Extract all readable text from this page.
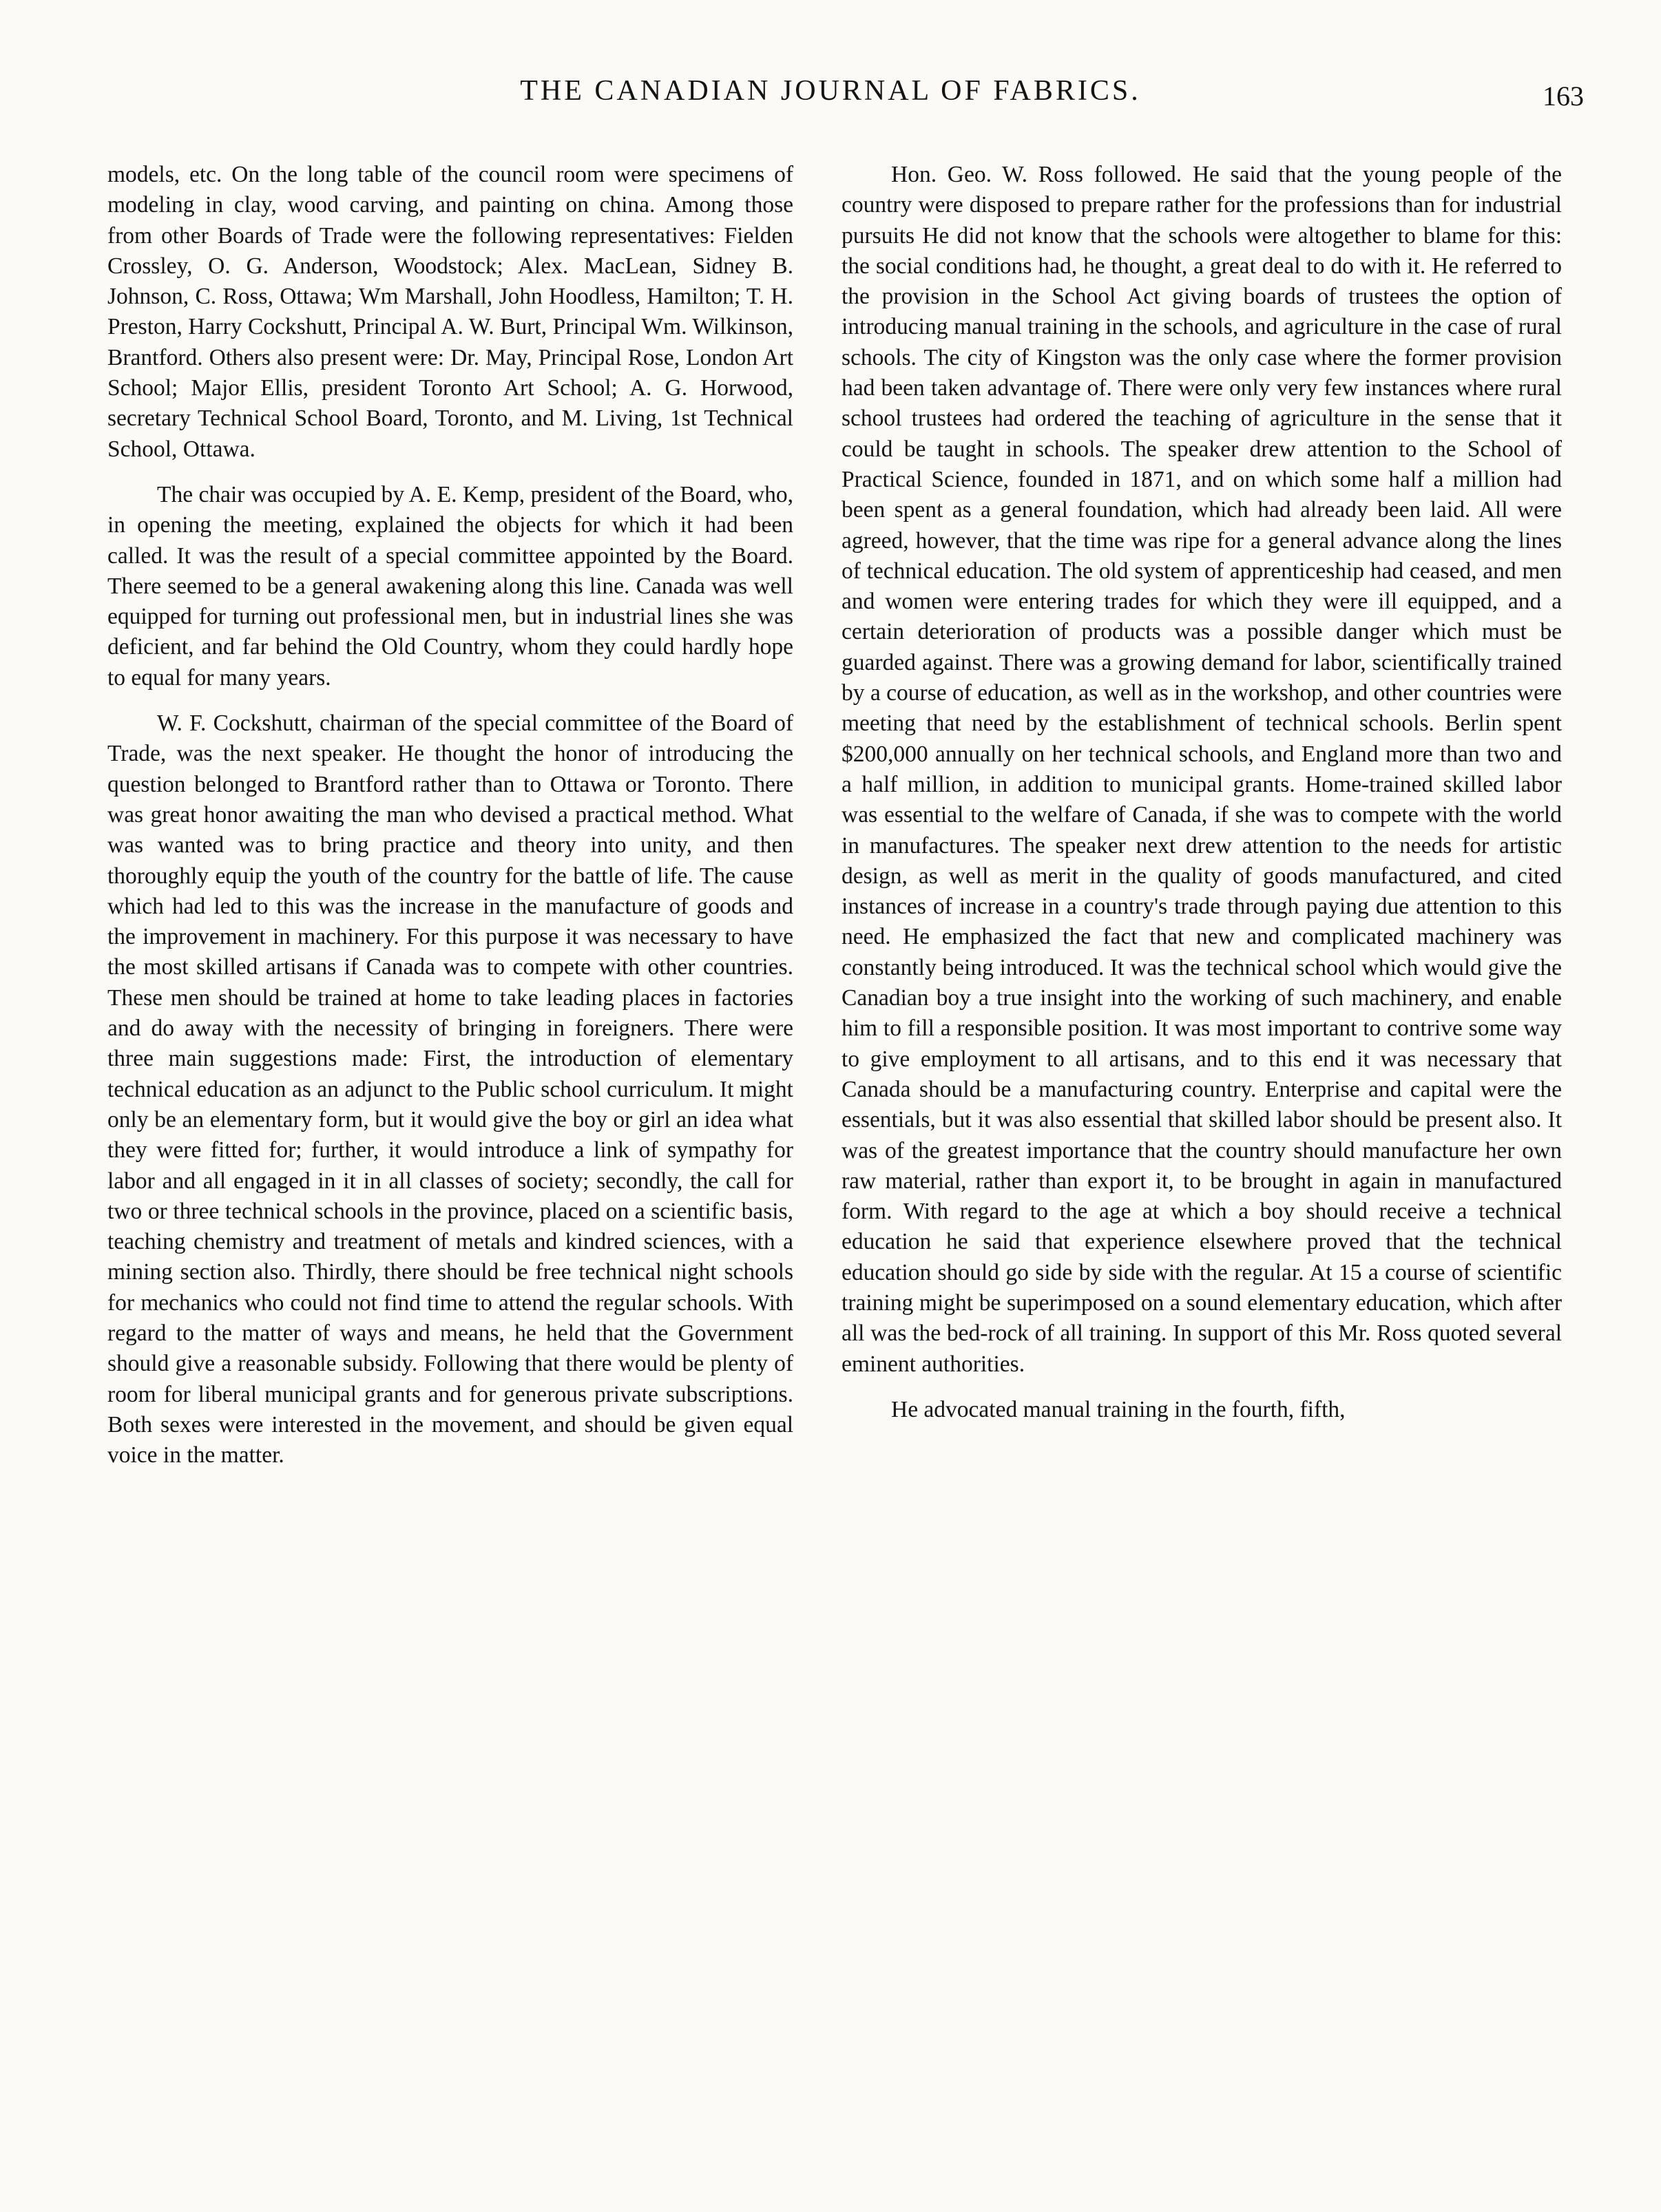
THE CANADIAN JOURNAL OF FABRICS.	163

models, etc. On the long table of the council room were specimens of modeling in clay, wood carving, and painting on china. Among those from other Boards of Trade were the following representatives: Fielden Crossley, O. G. Anderson, Woodstock; Alex. MacLean, Sidney B. Johnson, C. Ross, Ottawa; Wm Marshall, John Hoodless, Hamilton; T. H. Preston, Harry Cockshutt, Principal A. W. Burt, Principal Wm. Wilkinson, Brantford. Others also present were: Dr. May, Principal Rose, London Art School; Major Ellis, president Toronto Art School; A. G. Horwood, secretary Technical School Board, Toronto, and M. Living, 1st Technical School, Ottawa.

The chair was occupied by A. E. Kemp, president of the Board, who, in opening the meeting, explained the objects for which it had been called. It was the result of a special committee appointed by the Board. There seemed to be a general awakening along this line. Canada was well equipped for turning out professional men, but in industrial lines she was deficient, and far behind the Old Country, whom they could hardly hope to equal for many years.

W. F. Cockshutt, chairman of the special committee of the Board of Trade, was the next speaker. He thought the honor of introducing the question belonged to Brantford rather than to Ottawa or Toronto. There was great honor awaiting the man who devised a practical method. What was wanted was to bring practice and theory into unity, and then thoroughly equip the youth of the country for the battle of life. The cause which had led to this was the increase in the manufacture of goods and the improvement in machinery. For this purpose it was necessary to have the most skilled artisans if Canada was to compete with other countries. These men should be trained at home to take leading places in factories and do away with the necessity of bringing in foreigners. There were three main suggestions made: First, the introduction of elementary technical education as an adjunct to the Public school curriculum. It might only be an elementary form, but it would give the boy or girl an idea what they were fitted for; further, it would introduce a link of sympathy for labor and all engaged in it in all classes of society; secondly, the call for two or three technical schools in the province, placed on a scientific basis, teaching chemistry and treatment of metals and kindred sciences, with a mining section also. Thirdly, there should be free technical night schools for mechanics who could not find time to attend the regular schools. With regard to the matter of ways and means, he held that the Government should give a reasonable subsidy. Following that there would be plenty of room for liberal municipal grants and for generous private subscriptions. Both sexes were interested in the movement, and should be given equal voice in the matter.

Hon. Geo. W. Ross followed. He said that the young people of the country were disposed to prepare rather for the professions than for industrial pursuits He did not know that the schools were altogether to blame for this: the social conditions had, he thought, a great deal to do with it. He referred to the provision in the School Act giving boards of trustees the option of introducing manual training in the schools, and agriculture in the case of rural schools. The city of Kingston was the only case where the former provision had been taken advantage of. There were only very few instances where rural school trustees had ordered the teaching of agriculture in the sense that it could be taught in schools. The speaker drew attention to the School of Practical Science, founded in 1871, and on which some half a million had been spent as a general foundation, which had already been laid. All were agreed, however, that the time was ripe for a general advance along the lines of technical education. The old system of apprenticeship had ceased, and men and women were entering trades for which they were ill equipped, and a certain deterioration of products was a possible danger which must be guarded against. There was a growing demand for labor, scientifically trained by a course of education, as well as in the workshop, and other countries were meeting that need by the establishment of technical schools. Berlin spent $200,000 annually on her technical schools, and England more than two and a half million, in addition to municipal grants. Home-trained skilled labor was essential to the welfare of Canada, if she was to compete with the world in manufactures. The speaker next drew attention to the needs for artistic design, as well as merit in the quality of goods manufactured, and cited instances of increase in a country's trade through paying due attention to this need. He emphasized the fact that new and complicated machinery was constantly being introduced. It was the technical school which would give the Canadian boy a true insight into the working of such machinery, and enable him to fill a responsible position. It was most important to contrive some way to give employment to all artisans, and to this end it was necessary that Canada should be a manufacturing country. Enterprise and capital were the essentials, but it was also essential that skilled labor should be present also. It was of the greatest importance that the country should manufacture her own raw material, rather than export it, to be brought in again in manufactured form. With regard to the age at which a boy should receive a technical education he said that experience elsewhere proved that the technical education should go side by side with the regular. At 15 a course of scientific training might be superimposed on a sound elementary education, which after all was the bed-rock of all training. In support of this Mr. Ross quoted several eminent authorities.

He advocated manual training in the fourth, fifth,
